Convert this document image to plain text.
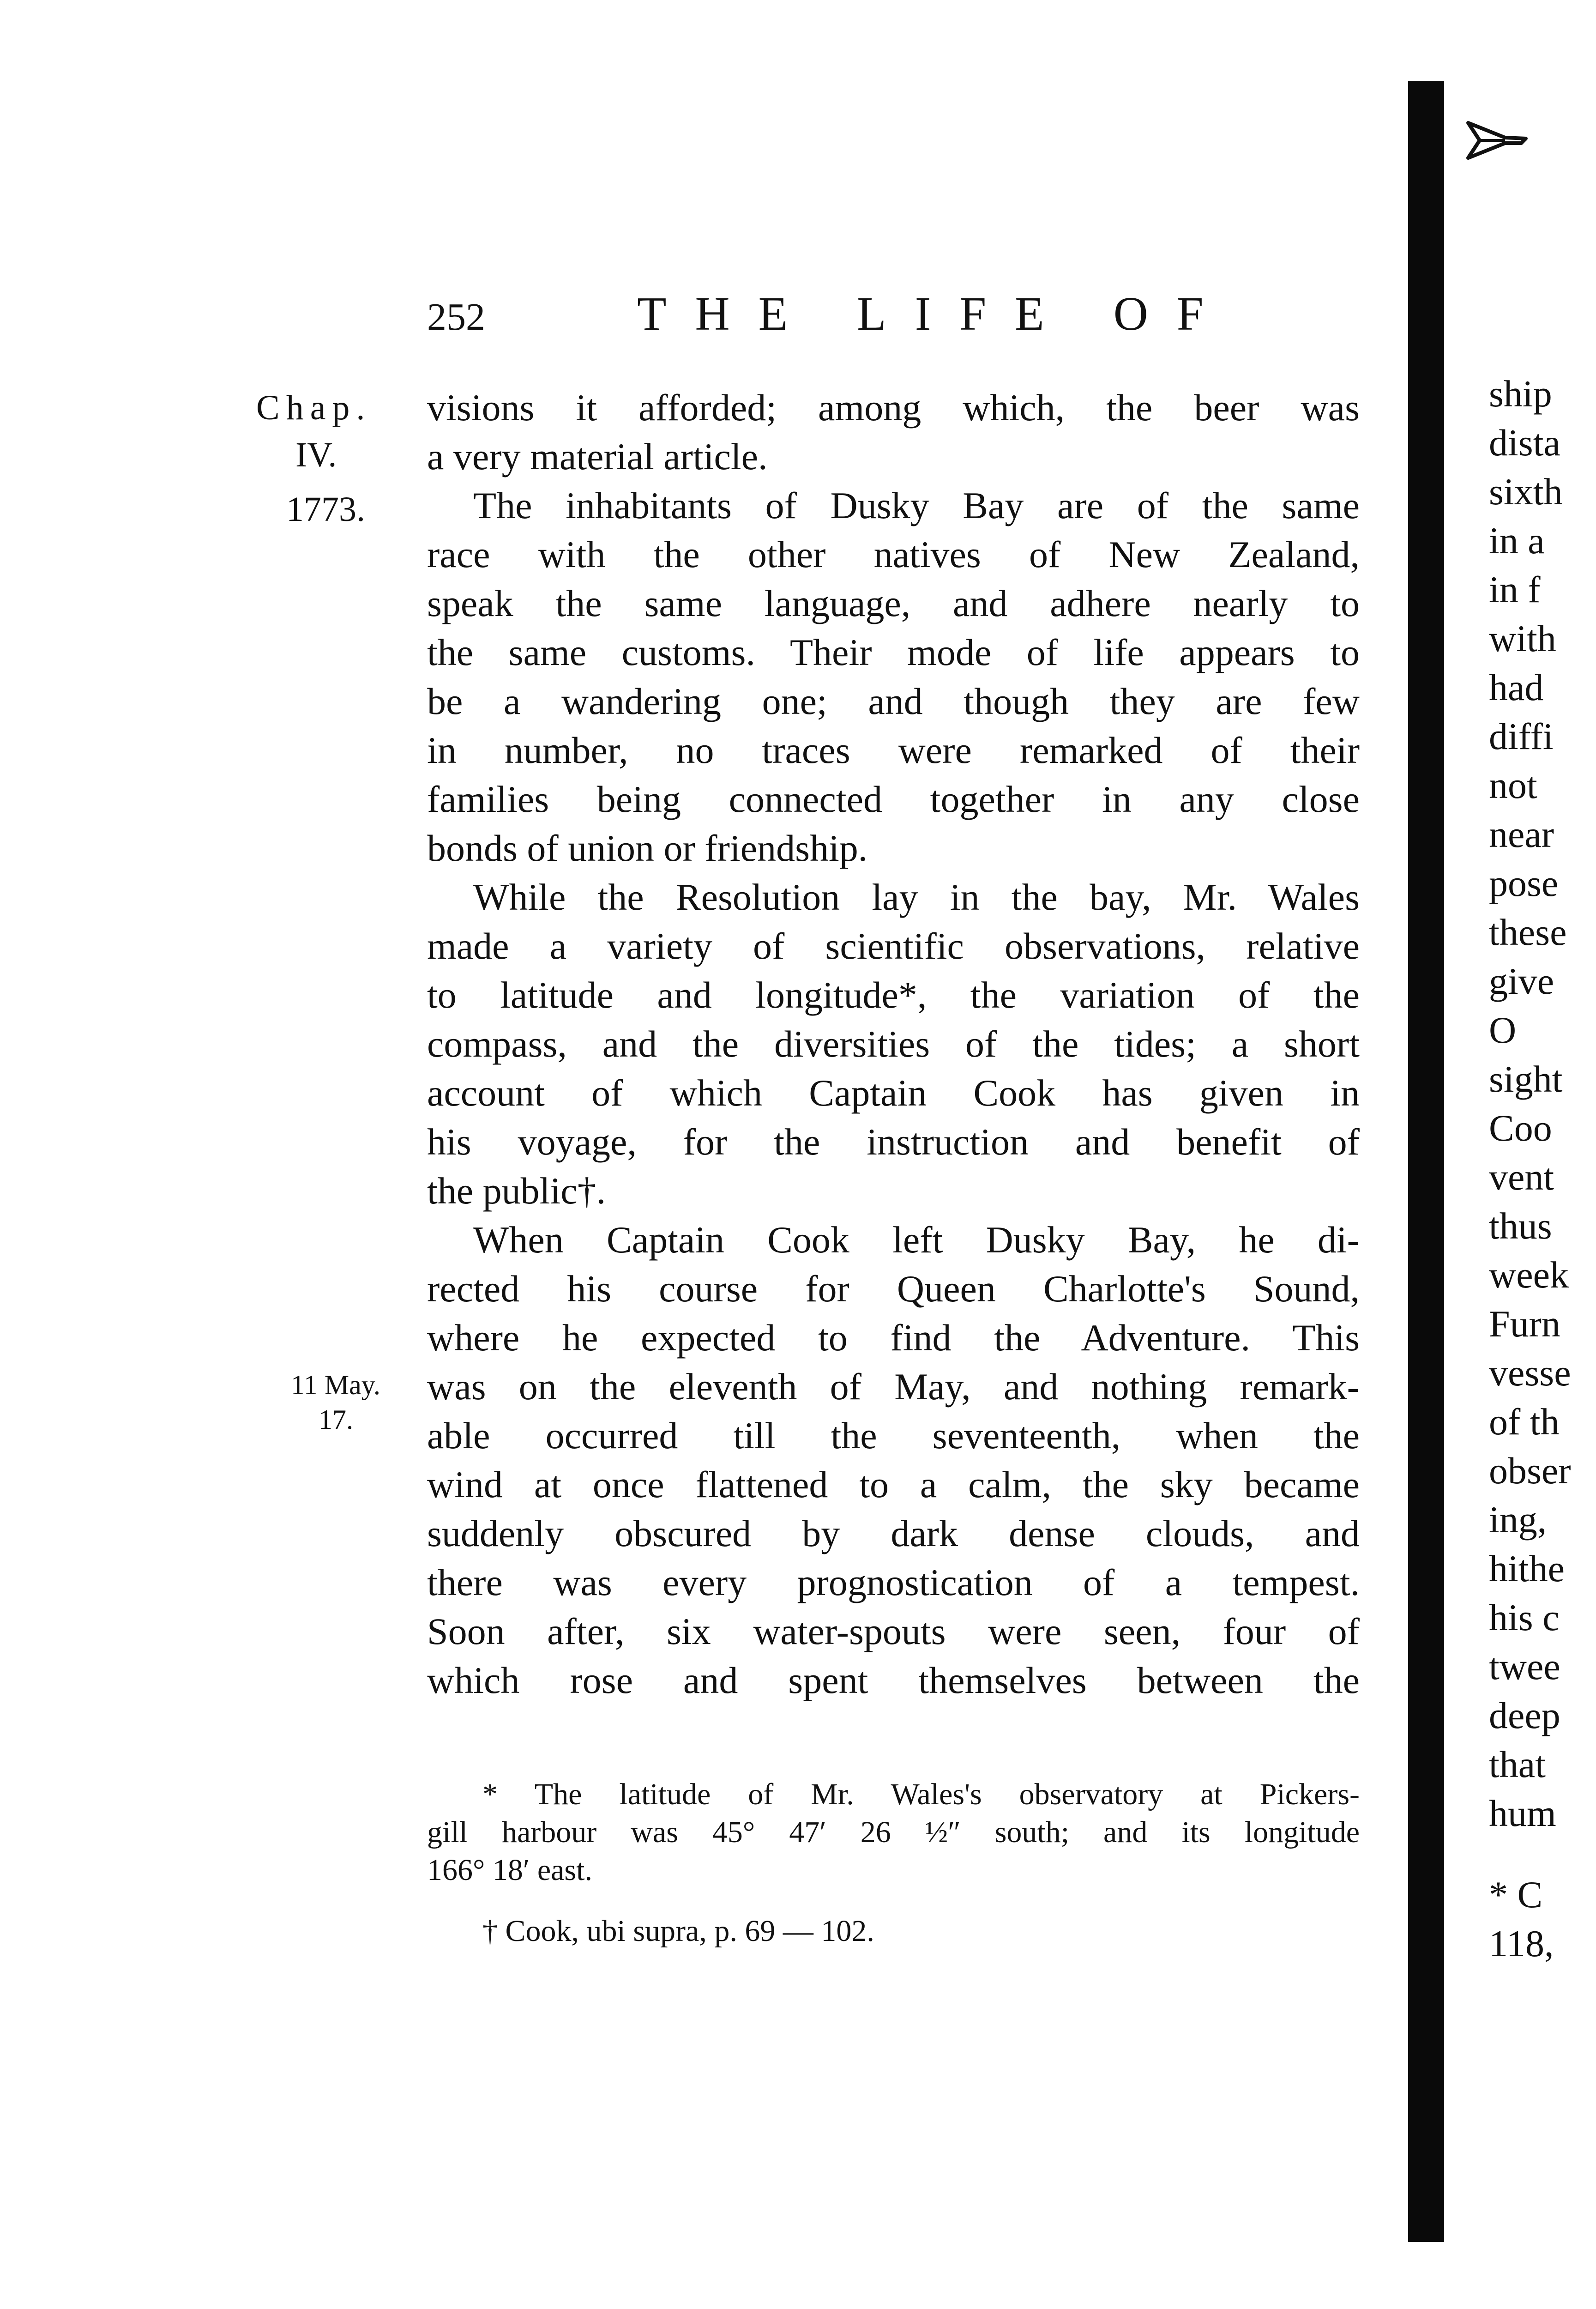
252	THE LIFE OF
Chap.
IV.
1773.
11 May.
17.
visions it afforded; among which, the beer was
a very material article.
The inhabitants of Dusky Bay are of the same
race with the other natives of New Zealand,
speak the same language, and adhere nearly to
the same customs. Their mode of life appears to
be a wandering one; and though they are few
in number, no traces were remarked of their
families being connected together in any close
bonds of union or friendship.
While the Resolution lay in the bay, Mr. Wales
made a variety of scientific observations, relative
to latitude and longitude*, the variation of the
compass, and the diversities of the tides; a short
account of which Captain Cook has given in
his voyage, for the instruction and benefit of
the public†.
When Captain Cook left Dusky Bay, he di-
rected his course for Queen Charlotte's Sound,
where he expected to find the Adventure. This
was on the eleventh of May, and nothing remark-
able occurred till the seventeenth, when the
wind at once flattened to a calm, the sky became
suddenly obscured by dark dense clouds, and
there was every prognostication of a tempest.
Soon after, six water-spouts were seen, four of
which rose and spent themselves between the
* The latitude of Mr. Wales's observatory at Pickers-
gill harbour was 45° 47′ 26 ½″ south; and its longitude
166° 18′ east.
† Cook, ubi supra, p. 69 — 102.
ship
dista
sixth
in a
in f
with
had
diffi
not
near
pose
these
give
O
sight
Coo
vent
thus
week
Furn
vesse
of th
obser
ing,
hithe
his c
twee
deep
that
hum
* C
118,
